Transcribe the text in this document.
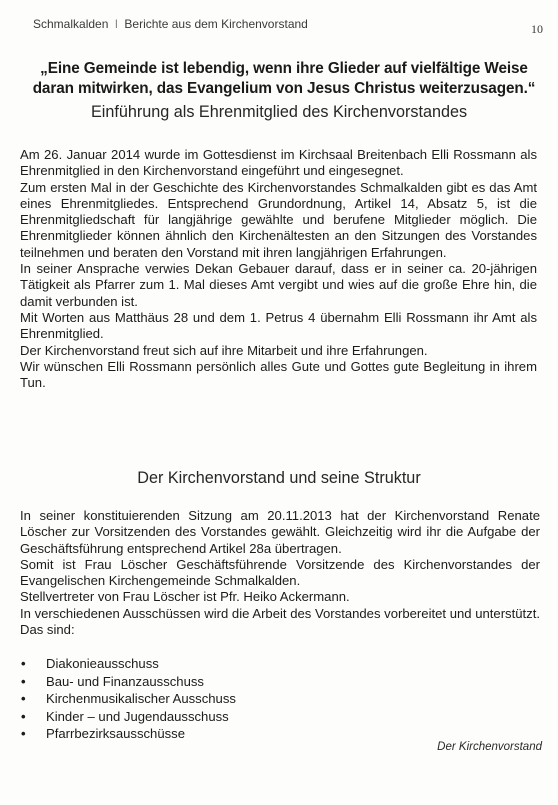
Schmalkalden I Berichte aus dem Kirchenvorstand	10
„Eine Gemeinde ist lebendig, wenn ihre Glieder auf vielfältige Weise daran mitwirken, das Evangelium von Jesus Christus weiterzusagen.“
Einführung als Ehrenmitglied des Kirchenvorstandes

Am 26. Januar 2014 wurde im Gottesdienst im Kirchsaal Breitenbach Elli Rossmann als Ehrenmitglied in den Kirchenvorstand eingeführt und eingesegnet.

Zum ersten Mal in der Geschichte des Kirchenvorstandes Schmalkalden gibt es das Amt eines Ehrenmitgliedes. Entsprechend Grundordnung, Artikel 14, Absatz 5, ist die Ehrenmitgliedschaft für langjährige gewählte und berufene Mitglieder möglich. Die Ehrenmitglieder können ähnlich den Kirchenältesten an den Sitzungen des Vorstandes teilnehmen und beraten den Vorstand mit ihren langjährigen Erfahrungen.

In seiner Ansprache verwies Dekan Gebauer darauf, dass er in seiner ca. 20-jährigen Tätigkeit als Pfarrer zum 1. Mal dieses Amt vergibt und wies auf die große Ehre hin, die damit verbunden ist.

Mit Worten aus Matthäus 28 und dem 1. Petrus 4 übernahm Elli Rossmann ihr Amt als Ehrenmitglied.

Der Kirchenvorstand freut sich auf ihre Mitarbeit und ihre Erfahrungen.

Wir wünschen Elli Rossmann persönlich alles Gute und Gottes gute Begleitung in ihrem Tun.

Der Kirchenvorstand und seine Struktur

In seiner konstituierenden Sitzung am 20.11.2013 hat der Kirchenvorstand Renate Löscher zur Vorsitzenden des Vorstandes gewählt. Gleichzeitig wird ihr die Aufgabe der Geschäftsführung entsprechend Artikel 28a übertragen.

Somit ist Frau Löscher Geschäftsführende Vorsitzende des Kirchenvorstandes der Evangelischen Kirchengemeinde Schmalkalden.

Stellvertreter von Frau Löscher ist Pfr. Heiko Ackermann.

In verschiedenen Ausschüssen wird die Arbeit des Vorstandes vorbereitet und unterstützt. Das sind:

• Diakonieausschuss
• Bau- und Finanzausschuss
• Kirchenmusikalischer Ausschuss
• Kinder – und Jugendausschuss
• Pfarrbezirksausschüsse
Der Kirchenvorstand
